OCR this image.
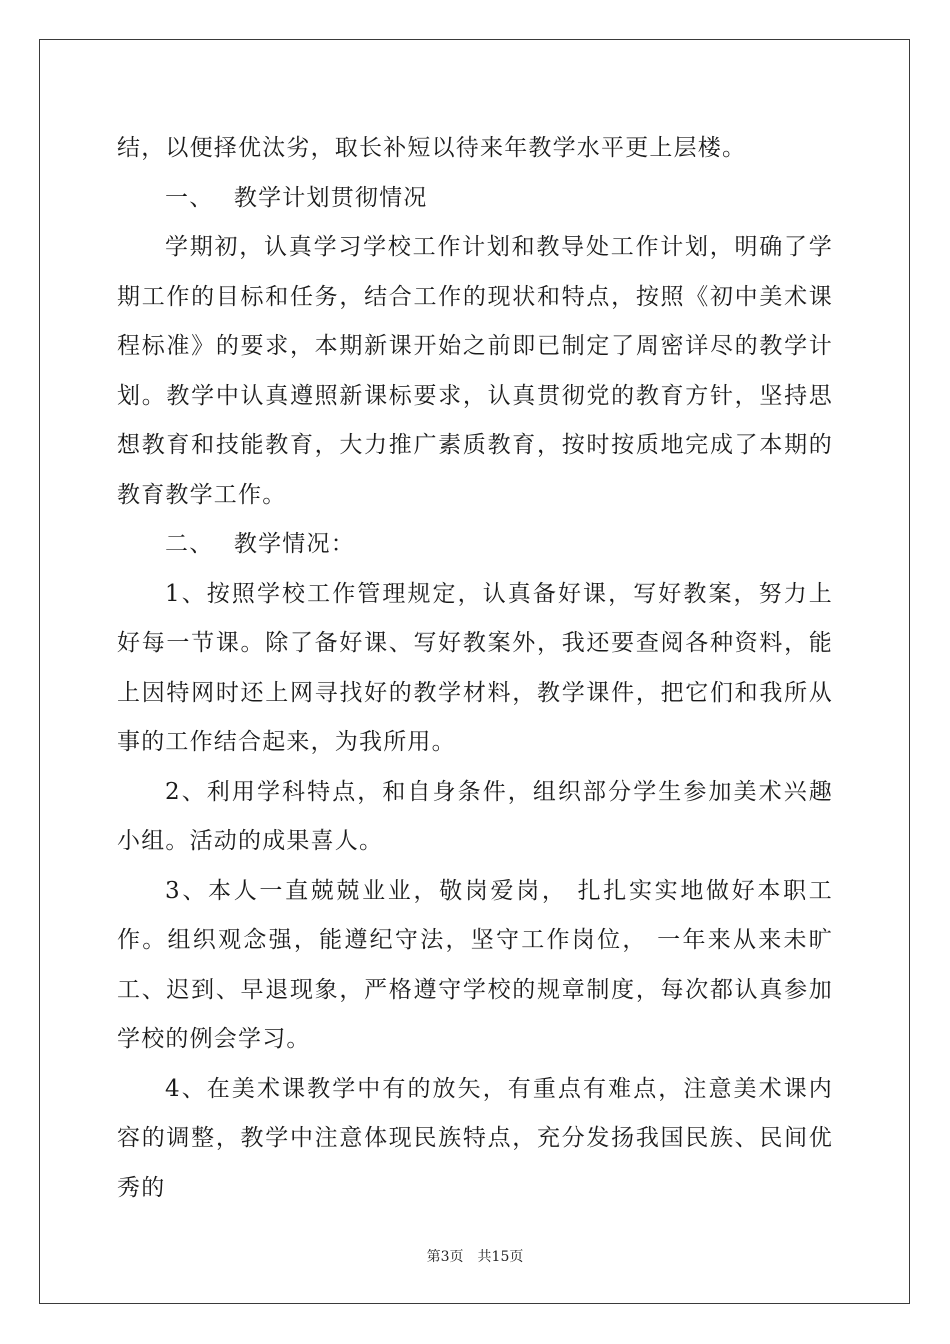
结，以便择优汰劣，取长补短以待来年教学水平更上层楼。

一、 教学计划贯彻情况

学期初，认真学习学校工作计划和教导处工作计划，明确了学期工作的目标和任务，结合工作的现状和特点，按照《初中美术课程标准》的要求，本期新课开始之前即已制定了周密详尽的教学计划。教学中认真遵照新课标要求，认真贯彻党的教育方针，坚持思想教育和技能教育，大力推广素质教育，按时按质地完成了本期的教育教学工作。

二、 教学情况：

1、按照学校工作管理规定，认真备好课，写好教案，努力上好每一节课。除了备好课、写好教案外，我还要查阅各种资料，能上因特网时还上网寻找好的教学材料，教学课件，把它们和我所从事的工作结合起来，为我所用。

2、利用学科特点，和自身条件，组织部分学生参加美术兴趣小组。活动的成果喜人。

3、本人一直兢兢业业，敬岗爱岗， 扎扎实实地做好本职工作。组织观念强，能遵纪守法，坚守工作岗位， 一年来从来未旷工、迟到、早退现象，严格遵守学校的规章制度，每次都认真参加学校的例会学习。

4、在美术课教学中有的放矢，有重点有难点，注意美术课内容的调整，教学中注意体现民族特点，充分发扬我国民族、民间优秀的

第3页 共15页
